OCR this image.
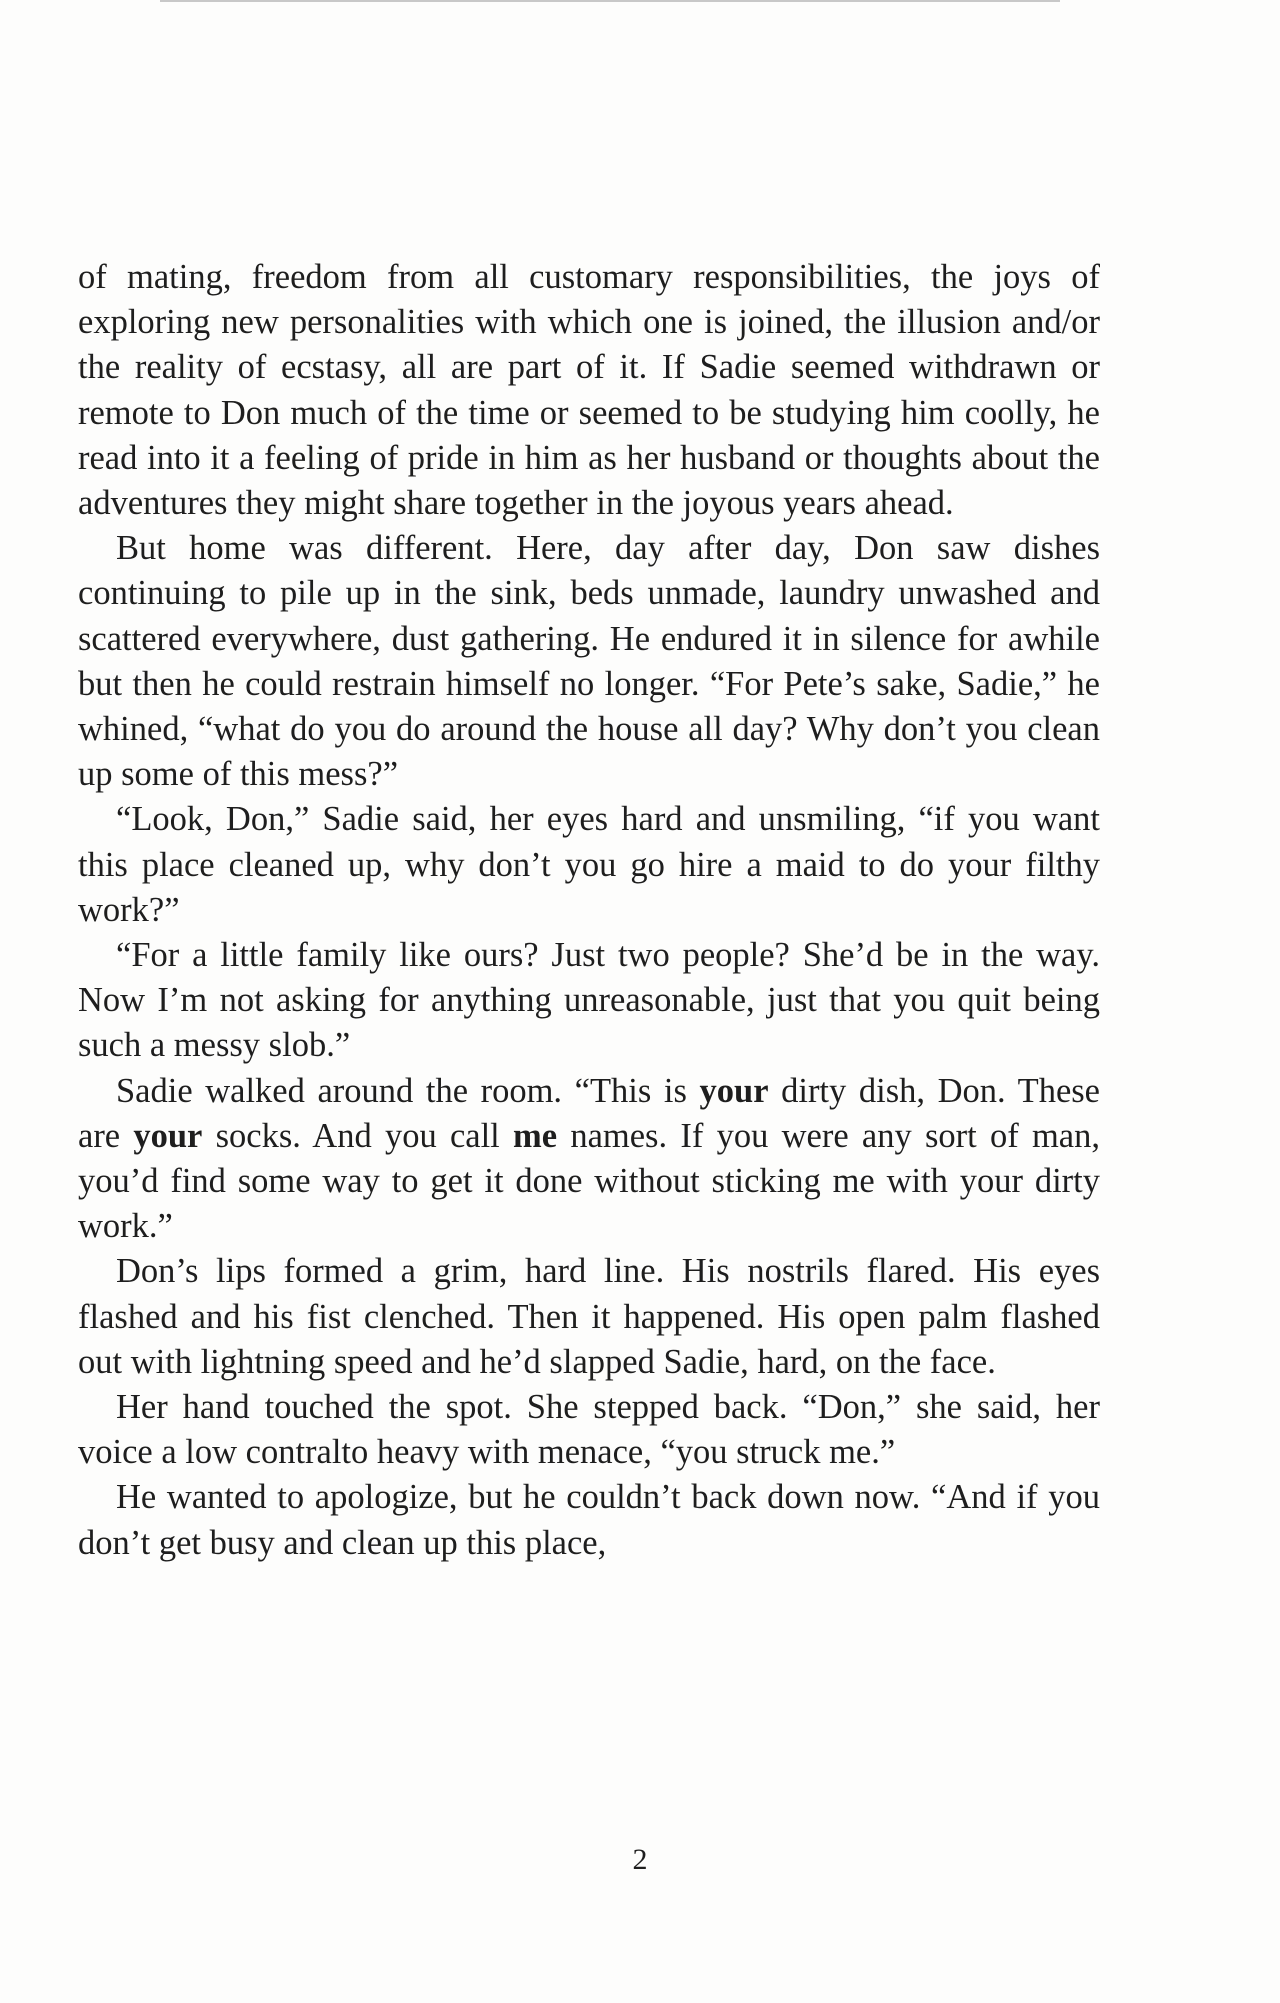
of mating, freedom from all customary responsibilities, the joys of exploring new personalities with which one is joined, the illusion and/or the reality of ecstasy, all are part of it. If Sadie seemed withdrawn or remote to Don much of the time or seemed to be studying him coolly, he read into it a feeling of pride in him as her husband or thoughts about the adventures they might share together in the joyous years ahead.

But home was different. Here, day after day, Don saw dishes continuing to pile up in the sink, beds unmade, laundry unwashed and scattered everywhere, dust gathering. He endured it in silence for awhile but then he could restrain himself no longer. “For Pete’s sake, Sadie,” he whined, “what do you do around the house all day? Why don’t you clean up some of this mess?”

“Look, Don,” Sadie said, her eyes hard and unsmiling, “if you want this place cleaned up, why don’t you go hire a maid to do your filthy work?”

“For a little family like ours? Just two people? She’d be in the way. Now I’m not asking for anything unreasonable, just that you quit being such a messy slob.”

Sadie walked around the room. “This is your dirty dish, Don. These are your socks. And you call me names. If you were any sort of man, you’d find some way to get it done without sticking me with your dirty work.”

Don’s lips formed a grim, hard line. His nostrils flared. His eyes flashed and his fist clenched. Then it happened. His open palm flashed out with lightning speed and he’d slapped Sadie, hard, on the face.

Her hand touched the spot. She stepped back. “Don,” she said, her voice a low contralto heavy with menace, “you struck me.”

He wanted to apologize, but he couldn’t back down now. “And if you don’t get busy and clean up this place,

2
